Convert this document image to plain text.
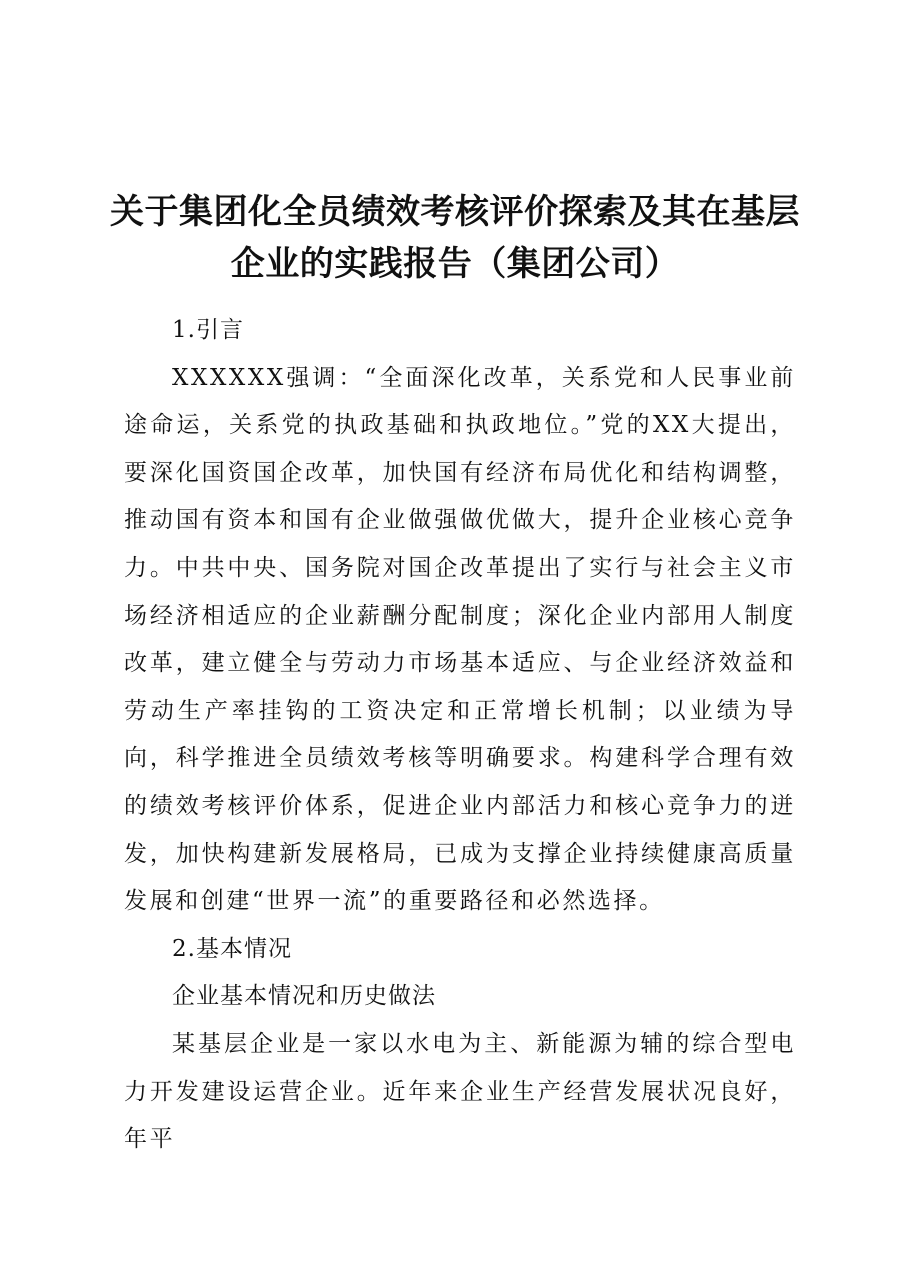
关于集团化全员绩效考核评价探索及其在基层
企业的实践报告（集团公司）

1.引言

XXXXXX强调：“全面深化改革，关系党和人民事业前途命运，关系党的执政基础和执政地位。”党的XX大提出，要深化国资国企改革，加快国有经济布局优化和结构调整，推动国有资本和国有企业做强做优做大，提升企业核心竞争力。中共中央、国务院对国企改革提出了实行与社会主义市场经济相适应的企业薪酬分配制度；深化企业内部用人制度改革，建立健全与劳动力市场基本适应、与企业经济效益和劳动生产率挂钩的工资决定和正常增长机制；以业绩为导向，科学推进全员绩效考核等明确要求。构建科学合理有效的绩效考核评价体系，促进企业内部活力和核心竞争力的迸发，加快构建新发展格局，已成为支撑企业持续健康高质量发展和创建“世界一流”的重要路径和必然选择。

2.基本情况

企业基本情况和历史做法

某基层企业是一家以水电为主、新能源为辅的综合型电力开发建设运营企业。近年来企业生产经营发展状况良好，年平
